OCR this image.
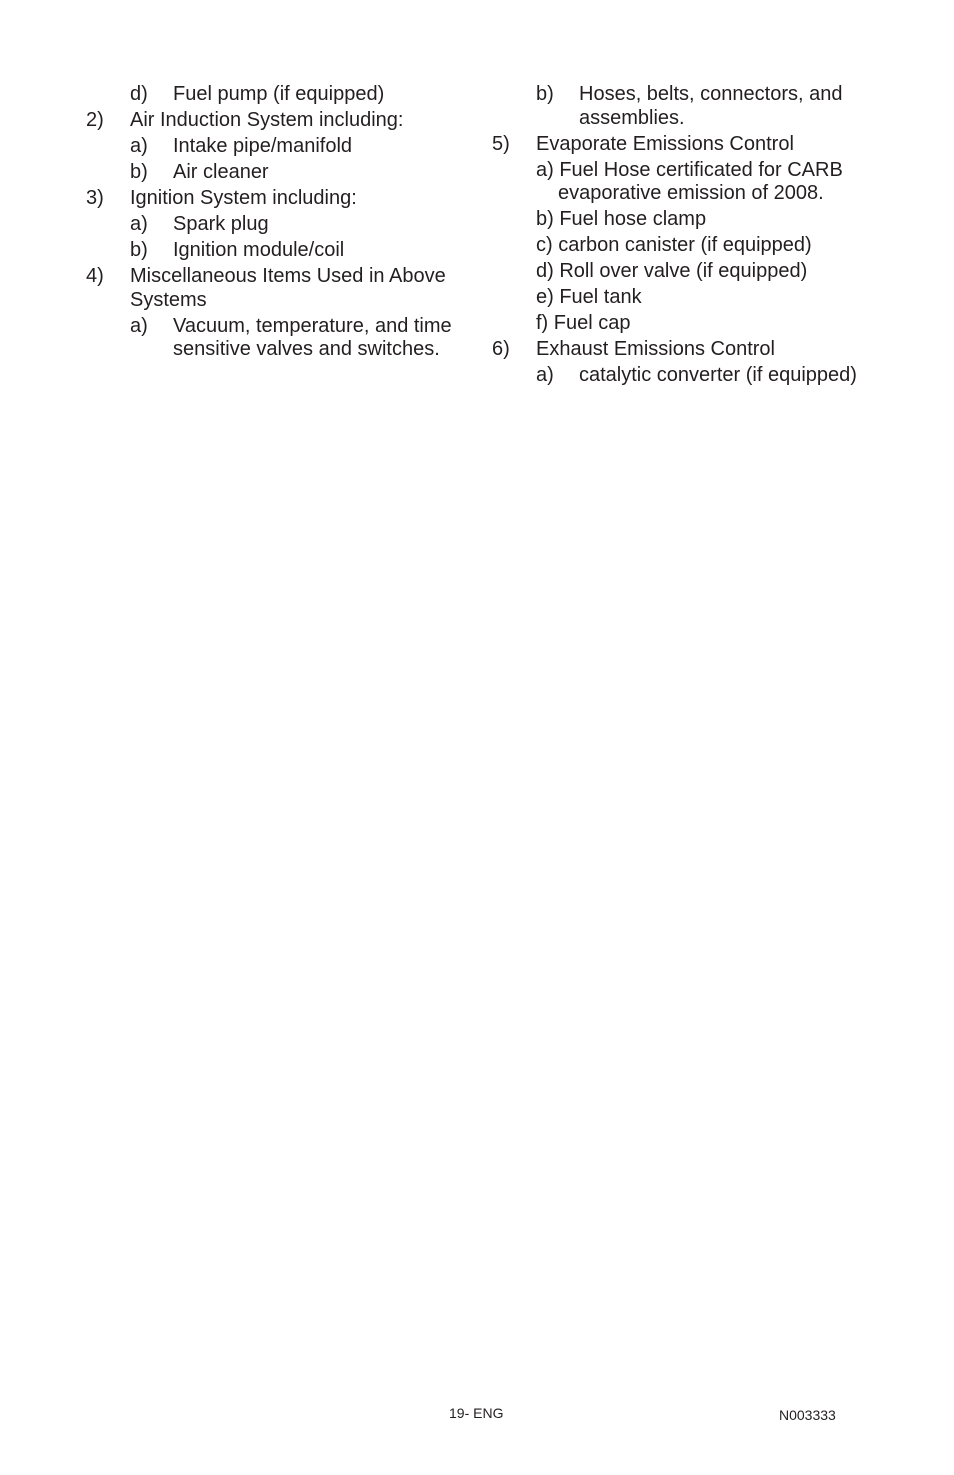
d) Fuel pump (if equipped)
2) Air Induction System including:
a) Intake pipe/manifold
b) Air cleaner
3) Ignition System including:
a) Spark plug
b) Ignition module/coil
4) Miscellaneous Items Used in Above Systems
a) Vacuum, temperature, and time sensitive valves and switches.
b) Hoses, belts, connectors, and assemblies.
5) Evaporate Emissions Control
a) Fuel Hose certificated for CARB evaporative emission of 2008.
b) Fuel hose clamp
c) carbon canister (if equipped)
d) Roll over valve (if equipped)
e) Fuel tank
f) Fuel cap
6) Exhaust Emissions Control
a) catalytic converter (if equipped)
19- ENG	N003333
